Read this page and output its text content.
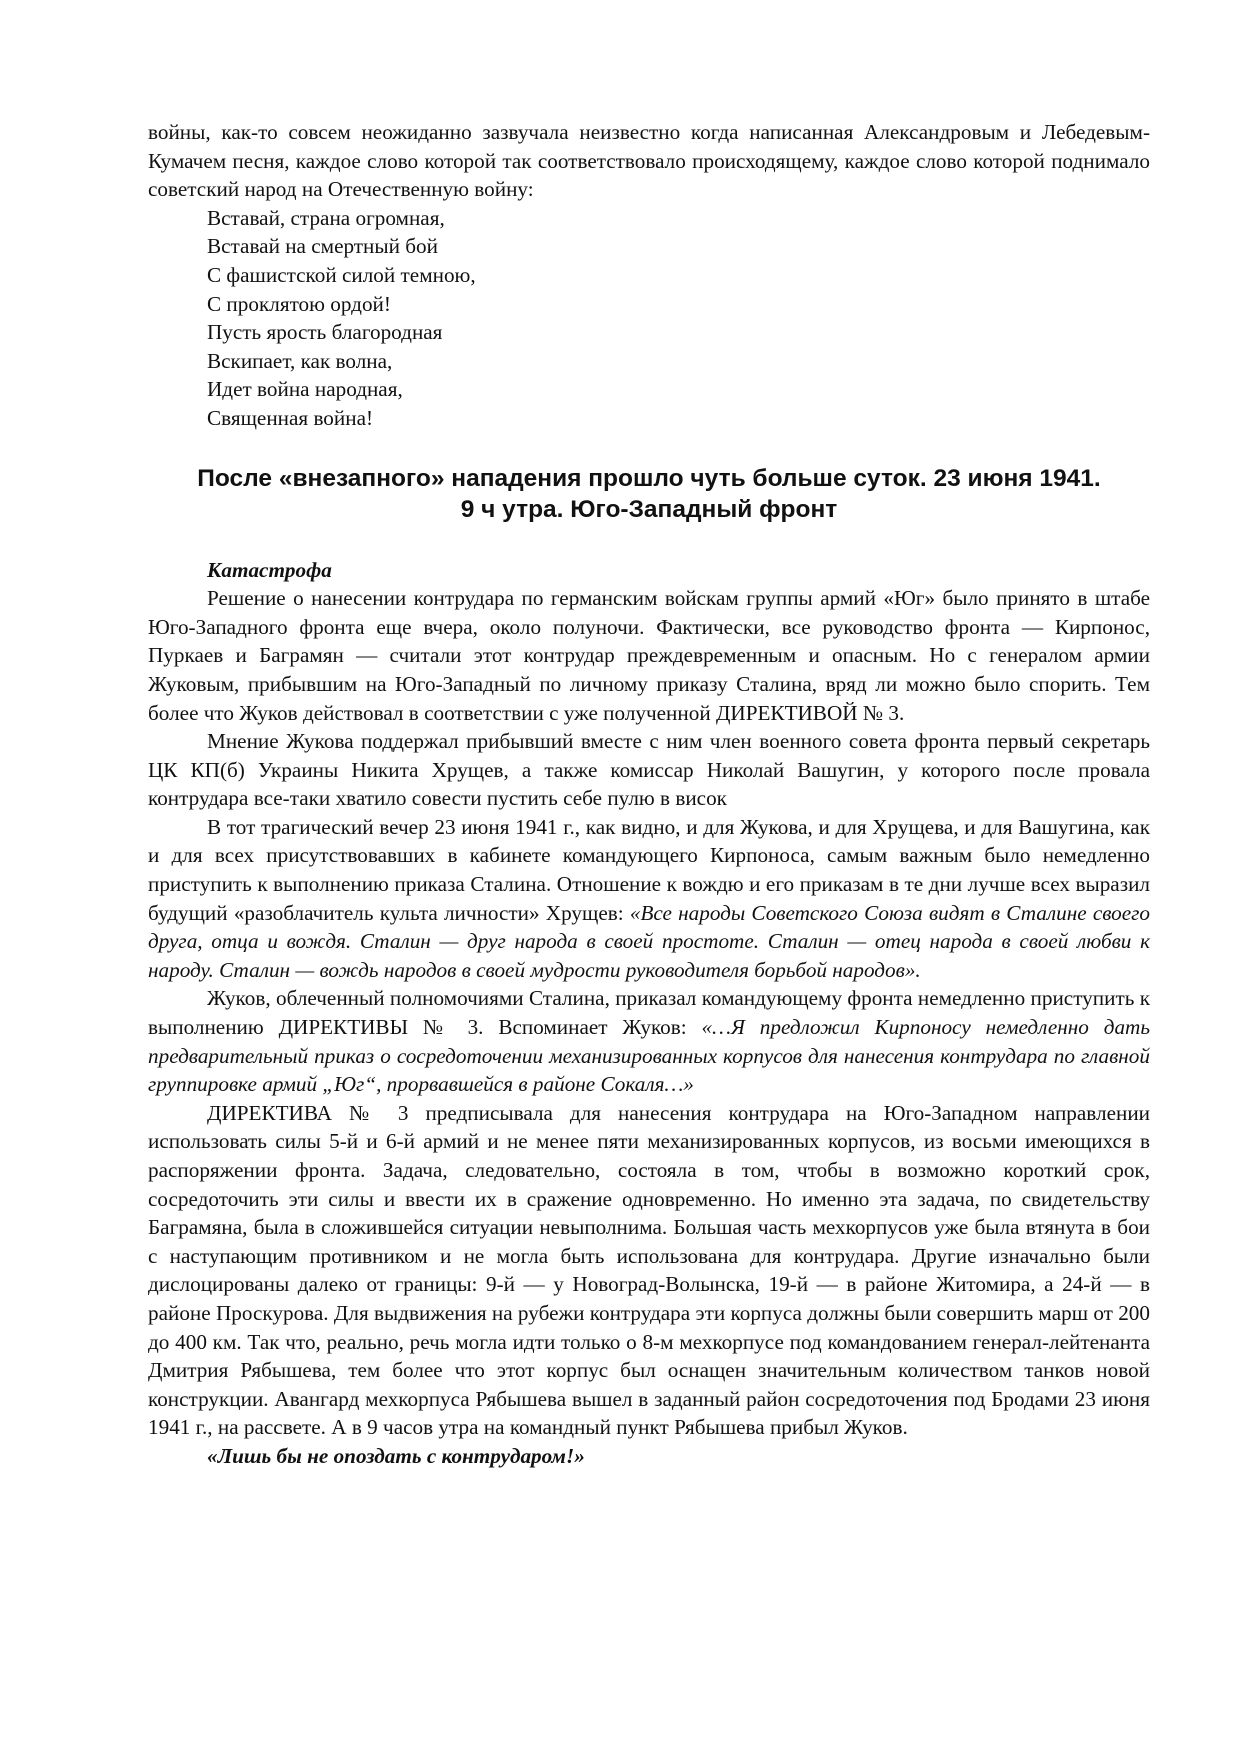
войны, как-то совсем неожиданно зазвучала неизвестно когда написанная Александровым и Лебедевым-Кумачем песня, каждое слово которой так соответствовало происходящему, каждое слово которой поднимало советский народ на Отечественную войну:

Вставай, страна огромная,
Вставай на смертный бой
С фашистской силой темною,
С проклятою ордой!
Пусть ярость благородная
Вскипает, как волна,
Идет война народная,
Священная война!
После «внезапного» нападения прошло чуть больше суток. 23 июня 1941.
9 ч утра. Юго-Западный фронт

Катастрофа

Решение о нанесении контрудара по германским войскам группы армий «Юг» было принято в штабе Юго-Западного фронта еще вчера, около полуночи. Фактически, все руководство фронта — Кирпонос, Пуркаев и Баграмян — считали этот контрудар преждевременным и опасным. Но с генералом армии Жуковым, прибывшим на Юго-Западный по личному приказу Сталина, вряд ли можно было спорить. Тем более что Жуков действовал в соответствии с уже полученной ДИРЕКТИВОЙ № 3.

Мнение Жукова поддержал прибывший вместе с ним член военного совета фронта первый секретарь ЦК КП(б) Украины Никита Хрущев, а также комиссар Николай Вашугин, у которого после провала контрудара все-таки хватило совести пустить себе пулю в висок

В тот трагический вечер 23 июня 1941 г., как видно, и для Жукова, и для Хрущева, и для Вашугина, как и для всех присутствовавших в кабинете командующего Кирпоноса, самым важным было немедленно приступить к выполнению приказа Сталина. Отношение к вождю и его приказам в те дни лучше всех выразил будущий «разоблачитель культа личности» Хрущев: «Все народы Советского Союза видят в Сталине своего друга, отца и вождя. Сталин — друг народа в своей простоте. Сталин — отец народа в своей любви к народу. Сталин — вождь народов в своей мудрости руководителя борьбой народов».

Жуков, облеченный полномочиями Сталина, приказал командующему фронта немедленно приступить к выполнению ДИРЕКТИВЫ № 3. Вспоминает Жуков: «…Я предложил Кирпоносу немедленно дать предварительный приказ о сосредоточении механизированных корпусов для нанесения контрудара по главной группировке армий „Юг“, прорвавшейся в районе Сокаля…»

ДИРЕКТИВА № 3 предписывала для нанесения контрудара на Юго-Западном направлении использовать силы 5-й и 6-й армий и не менее пяти механизированных корпусов, из восьми имеющихся в распоряжении фронта. Задача, следовательно, состояла в том, чтобы в возможно короткий срок, сосредоточить эти силы и ввести их в сражение одновременно. Но именно эта задача, по свидетельству Баграмяна, была в сложившейся ситуации невыполнима. Большая часть мехкорпусов уже была втянута в бои с наступающим противником и не могла быть использована для контрудара. Другие изначально были дислоцированы далеко от границы: 9-й — у Новоград-Волынска, 19-й — в районе Житомира, а 24-й — в районе Проскурова. Для выдвижения на рубежи контрудара эти корпуса должны были совершить марш от 200 до 400 км. Так что, реально, речь могла идти только о 8-м мехкорпусе под командованием генерал-лейтенанта Дмитрия Рябышева, тем более что этот корпус был оснащен значительным количеством танков новой конструкции. Авангард мехкорпуса Рябышева вышел в заданный район сосредоточения под Бродами 23 июня 1941 г., на рассвете. А в 9 часов утра на командный пункт Рябышева прибыл Жуков.

«Лишь бы не опоздать с контрударом!»
